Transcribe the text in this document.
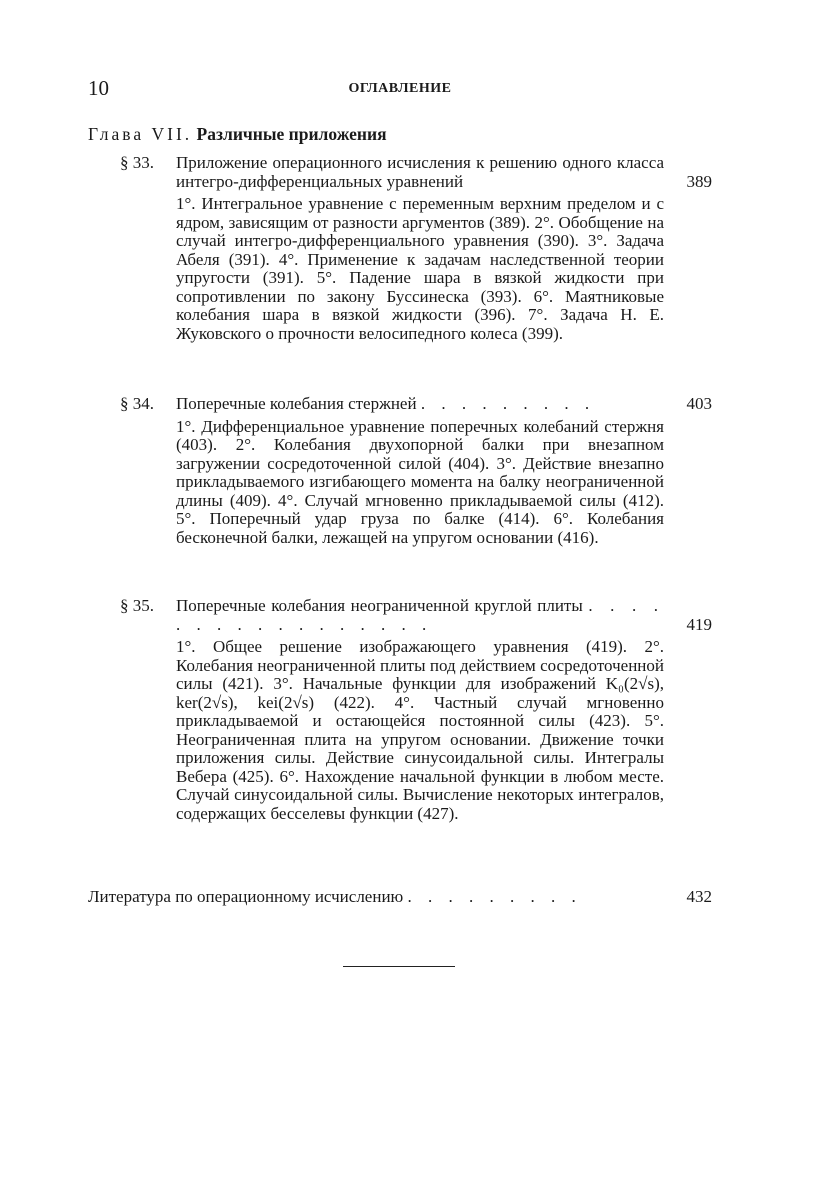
10	ОГЛАВЛЕНИЕ
Глава VII. Различные приложения
§ 33. Приложение операционного исчисления к решению одного класса интегро-дифференциальных уравнений	389
1°. Интегральное уравнение с переменным верхним пределом и с ядром, зависящим от разности аргументов (389). 2°. Обобщение на случай интегро-дифференциального уравнения (390). 3°. Задача Абеля (391). 4°. Применение к задачам наследственной теории упругости (391). 5°. Падение шара в вязкой жидкости при сопротивлении по закону Буссинеска (393). 6°. Маятниковые колебания шара в вязкой жидкости (396). 7°. Задача Н. Е. Жуковского о прочности велосипедного колеса (399).
§ 34. Поперечные колебания стержней . . . . . . . . .	403
1°. Дифференциальное уравнение поперечных колебаний стержня (403). 2°. Колебания двухопорной балки при внезапном загружении сосредоточенной силой (404). 3°. Действие внезапно прикладываемого изгибающего момента на балку неограниченной длины (409). 4°. Случай мгновенно прикладываемой силы (412). 5°. Поперечный удар груза по балке (414). 6°. Колебания бесконечной балки, лежащей на упругом основании (416).
§ 35. Поперечные колебания неограниченной круглой плиты . . . . . . . . . . . . . . . . .	419
1°. Общее решение изображающего уравнения (419). 2°. Колебания неограниченной плиты под действием сосредоточенной силы (421). 3°. Начальные функции для изображений K₀(2√s), ker(2√s), kei(2√s) (422). 4°. Частный случай мгновенно прикладываемой и остающейся постоянной силы (423). 5°. Неограниченная плита на упругом основании. Движение точки приложения силы. Действие синусоидальной силы. Интегралы Вебера (425). 6°. Нахождение начальной функции в любом месте. Случай синусоидальной силы. Вычисление некоторых интегралов, содержащих бесселевы функции (427).
Литература по операционному исчислению . . . . . . . . .	432
